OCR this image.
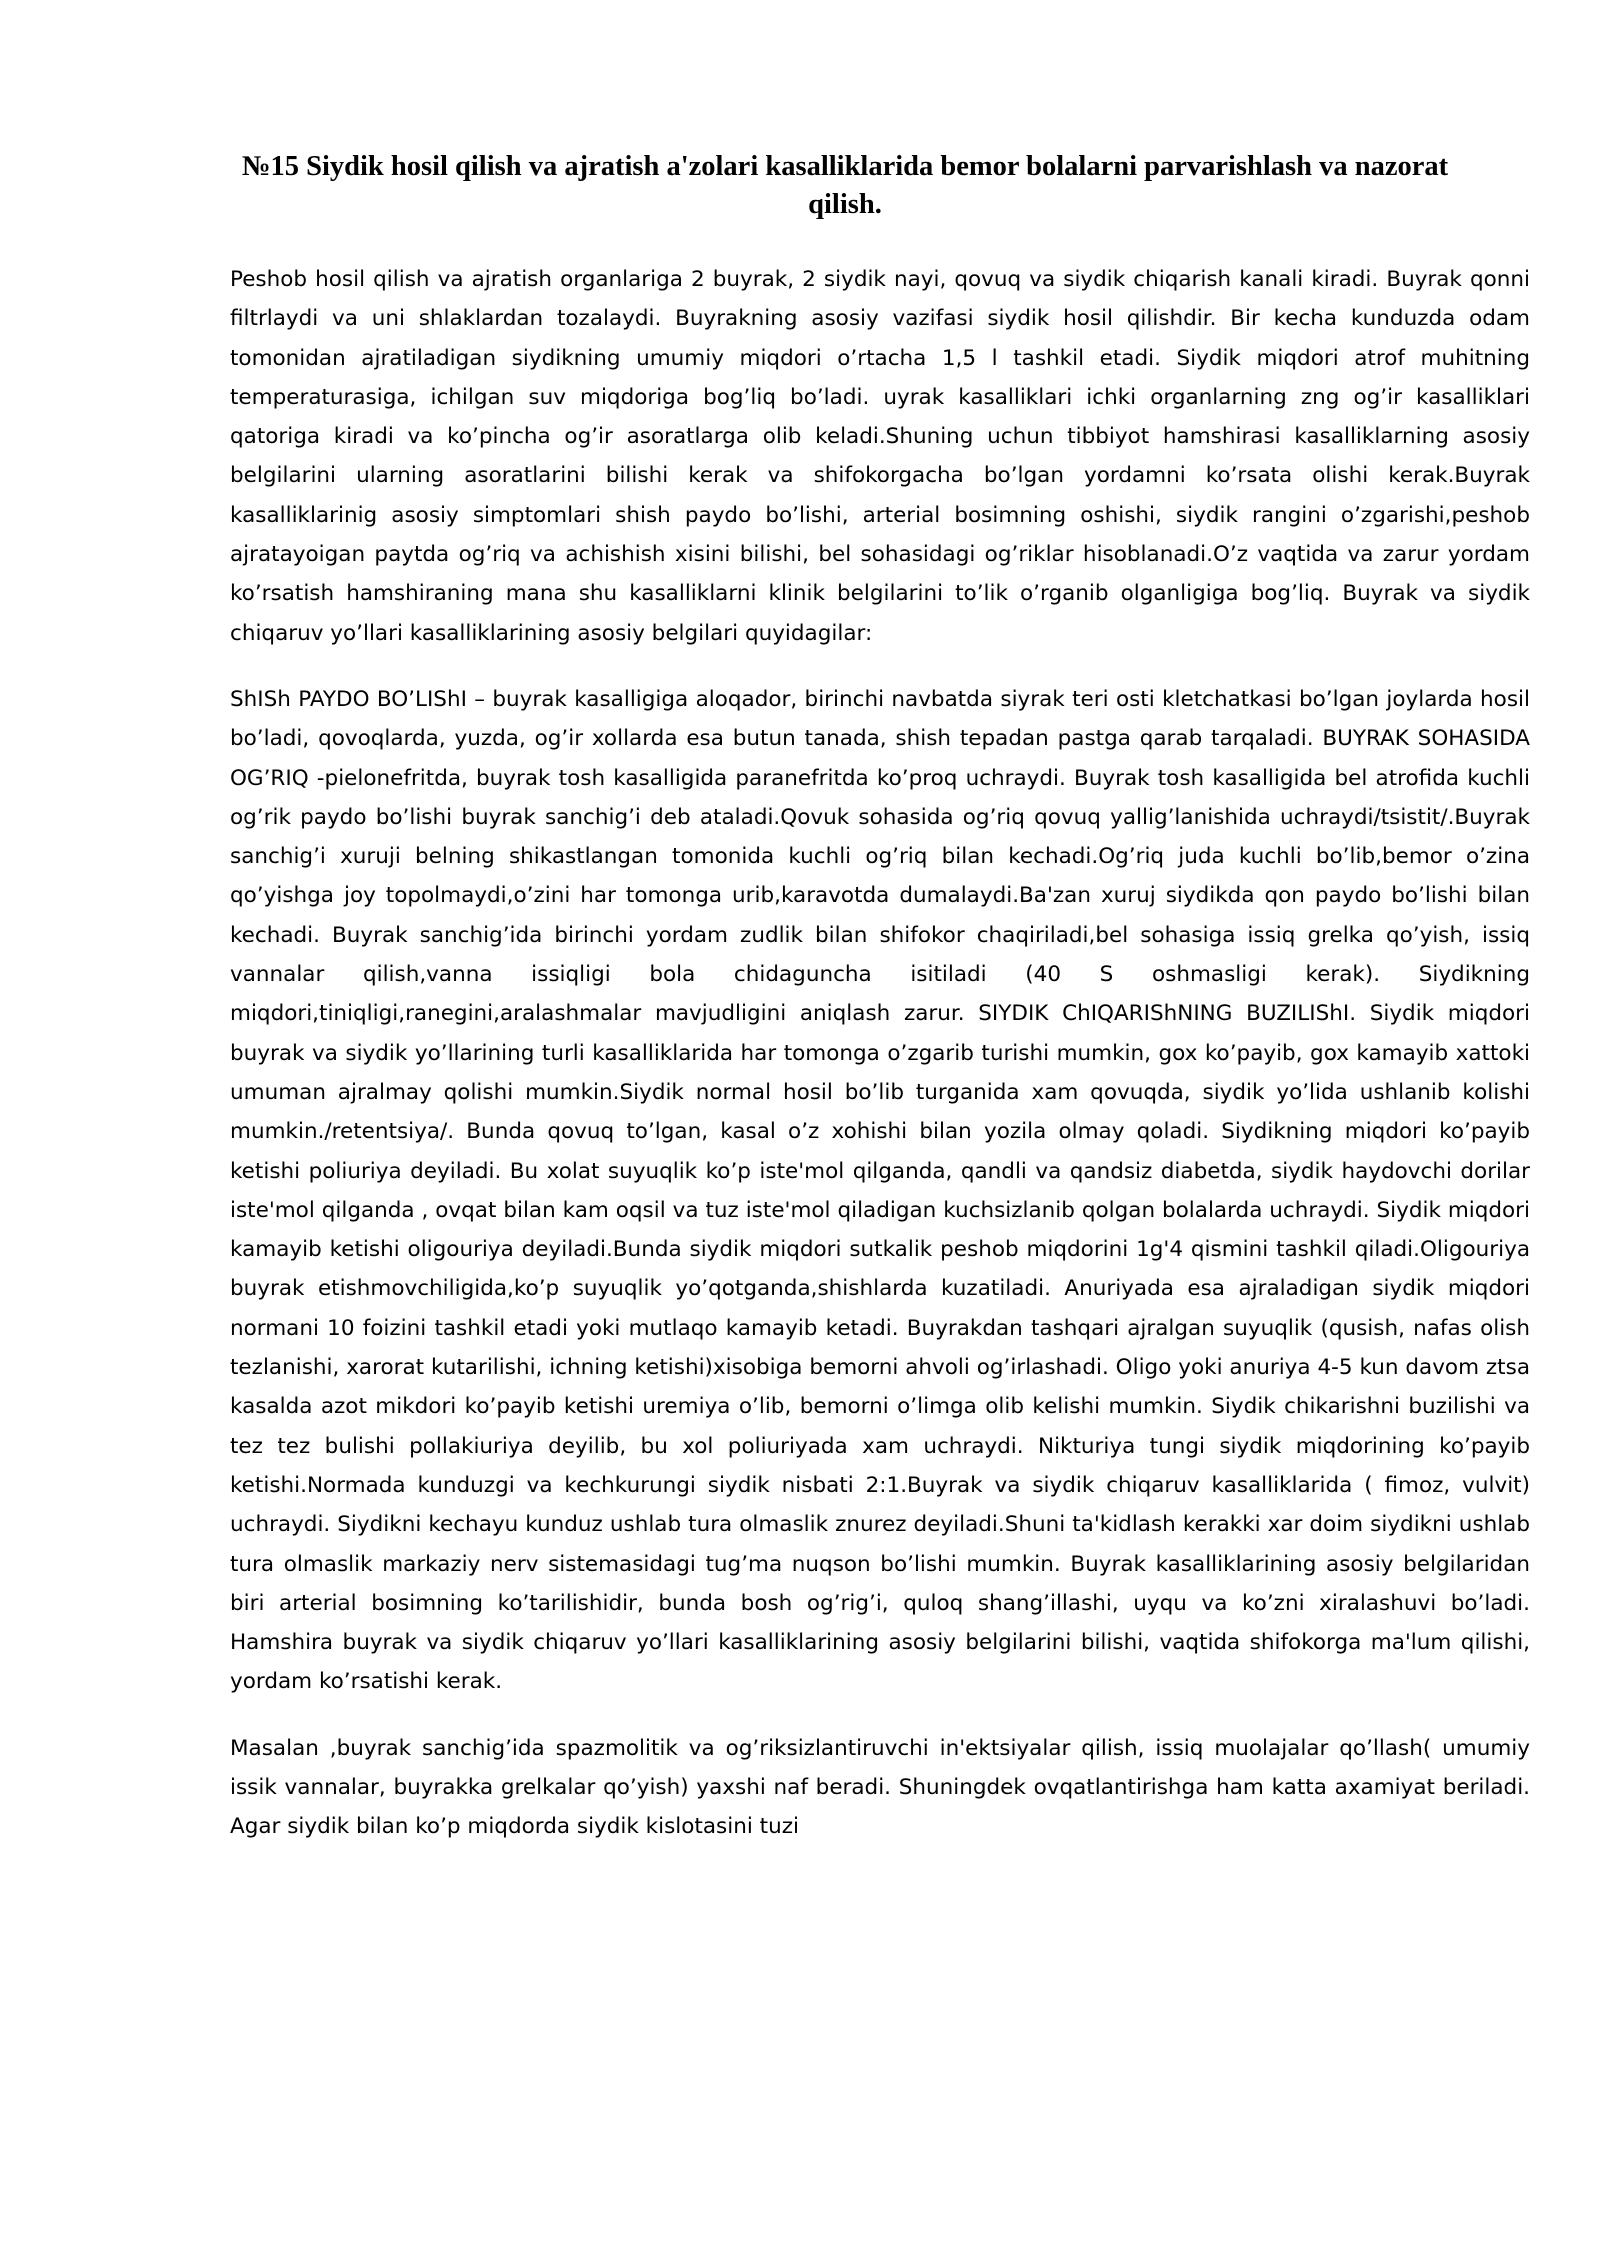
№15 Siydik hosil qilish va ajratish a'zolari kasalliklarida bemor bolalarni parvarishlash va nazorat qilish.

Peshob hosil qilish va ajratish organlariga 2 buyrak, 2 siydik nayi, qovuq va siydik chiqarish kanali kiradi. Buyrak qonni filtrlaydi va uni shlaklardan tozalaydi. Buyrakning asosiy vazifasi siydik hosil qilishdir. Bir kecha kunduzda odam tomonidan ajratiladigan siydikning umumiy miqdori o’rtacha 1,5 l tashkil etadi. Siydik miqdori atrof muhitning temperaturasiga, ichilgan suv miqdoriga bog’liq bo’ladi. uyrak kasalliklari ichki organlarning zng og’ir kasalliklari qatoriga kiradi va ko’pincha og’ir asoratlarga olib keladi.Shuning uchun tibbiyot hamshirasi kasalliklarning asosiy belgilarini ularning asoratlarini bilishi kerak va shifokorgacha bo’lgan yordamni ko’rsata olishi kerak.Buyrak kasalliklarinig asosiy simptomlari shish paydo bo’lishi, arterial bosimning oshishi, siydik rangini o’zgarishi,peshob ajratayoigan paytda og’riq va achishish xisini bilishi, bel sohasidagi og’riklar hisoblanadi.O’z vaqtida va zarur yordam ko’rsatish hamshiraning mana shu kasalliklarni klinik belgilarini to’lik o’rganib olganligiga bog’liq. Buyrak va siydik chiqaruv yo’llari kasalliklarining asosiy belgilari quyidagilar:

ShISh PAYDO BO’LIShI – buyrak kasalligiga aloqador, birinchi navbatda siyrak teri osti kletchatkasi bo’lgan joylarda hosil bo’ladi, qovoqlarda, yuzda, og’ir xollarda esa butun tanada, shish tepadan pastga qarab tarqaladi. BUYRAK SOHASIDA OG’RIQ -pielonefritda, buyrak tosh kasalligida paranefritda ko’proq uchraydi. Buyrak tosh kasalligida bel atrofida kuchli og’rik paydo bo’lishi buyrak sanchig’i deb ataladi.Qovuk sohasida og’riq qovuq yallig’lanishida uchraydi/tsistit/.Buyrak sanchig’i xuruji belning shikastlangan tomonida kuchli og’riq bilan kechadi.Og’riq juda kuchli bo’lib,bemor o’zina qo’yishga joy topolmaydi,o’zini har tomonga urib,karavotda dumalaydi.Ba'zan xuruj siydikda qon paydo bo’lishi bilan kechadi. Buyrak sanchig’ida birinchi yordam zudlik bilan shifokor chaqiriladi,bel sohasiga issiq grelka qo’yish, issiq vannalar qilish,vanna issiqligi bola chidaguncha isitiladi (40 S oshmasligi kerak). Siydikning miqdori,tiniqligi,ranegini,aralashmalar mavjudligini aniqlash zarur. SIYDIK ChIQARIShNING BUZILIShI. Siydik miqdori buyrak va siydik yo’llarining turli kasalliklarida har tomonga o’zgarib turishi mumkin, gox ko’payib, gox kamayib xattoki umuman ajralmay qolishi mumkin.Siydik normal hosil bo’lib turganida xam qovuqda, siydik yo’lida ushlanib kolishi mumkin./retentsiya/. Bunda qovuq to’lgan, kasal o’z xohishi bilan yozila olmay qoladi. Siydikning miqdori ko’payib ketishi poliuriya deyiladi. Bu xolat suyuqlik ko’p iste'mol qilganda, qandli va qandsiz diabetda, siydik haydovchi dorilar iste'mol qilganda , ovqat bilan kam oqsil va tuz iste'mol qiladigan kuchsizlanib qolgan bolalarda uchraydi. Siydik miqdori kamayib ketishi oligouriya deyiladi.Bunda siydik miqdori sutkalik peshob miqdorini 1g'4 qismini tashkil qiladi.Oligouriya buyrak etishmovchiligida,ko’p suyuqlik yo’qotganda,shishlarda kuzatiladi. Anuriyada esa ajraladigan siydik miqdori normani 10 foizini tashkil etadi yoki mutlaqo kamayib ketadi. Buyrakdan tashqari ajralgan suyuqlik (qusish, nafas olish tezlanishi, xarorat kutarilishi, ichning ketishi)xisobiga bemorni ahvoli og’irlashadi. Oligo yoki anuriya 4-5 kun davom ztsa kasalda azot mikdori ko’payib ketishi uremiya o’lib, bemorni o’limga olib kelishi mumkin. Siydik chikarishni buzilishi va tez tez bulishi pollakiuriya deyilib, bu xol poliuriyada xam uchraydi. Nikturiya tungi siydik miqdorining ko’payib ketishi.Normada kunduzgi va kechkurungi siydik nisbati 2:1.Buyrak va siydik chiqaruv kasalliklarida ( fimoz, vulvit) uchraydi. Siydikni kechayu kunduz ushlab tura olmaslik znurez deyiladi.Shuni ta'kidlash kerakki xar doim siydikni ushlab tura olmaslik markaziy nerv sistemasidagi tug’ma nuqson bo’lishi mumkin. Buyrak kasalliklarining asosiy belgilaridan biri arterial bosimning ko’tarilishidir, bunda bosh og’rig’i, quloq shang’illashi, uyqu va ko’zni xiralashuvi bo’ladi. Hamshira buyrak va siydik chiqaruv yo’llari kasalliklarining asosiy belgilarini bilishi, vaqtida shifokorga ma'lum qilishi, yordam ko’rsatishi kerak.

Masalan ,buyrak sanchig’ida spazmolitik va og’riksizlantiruvchi in'ektsiyalar qilish, issiq muolajalar qo’llash( umumiy issik vannalar, buyrakka grelkalar qo’yish) yaxshi naf beradi. Shuningdek ovqatlantirishga ham katta axamiyat beriladi. Agar siydik bilan ko’p miqdorda siydik kislotasini tuzi
